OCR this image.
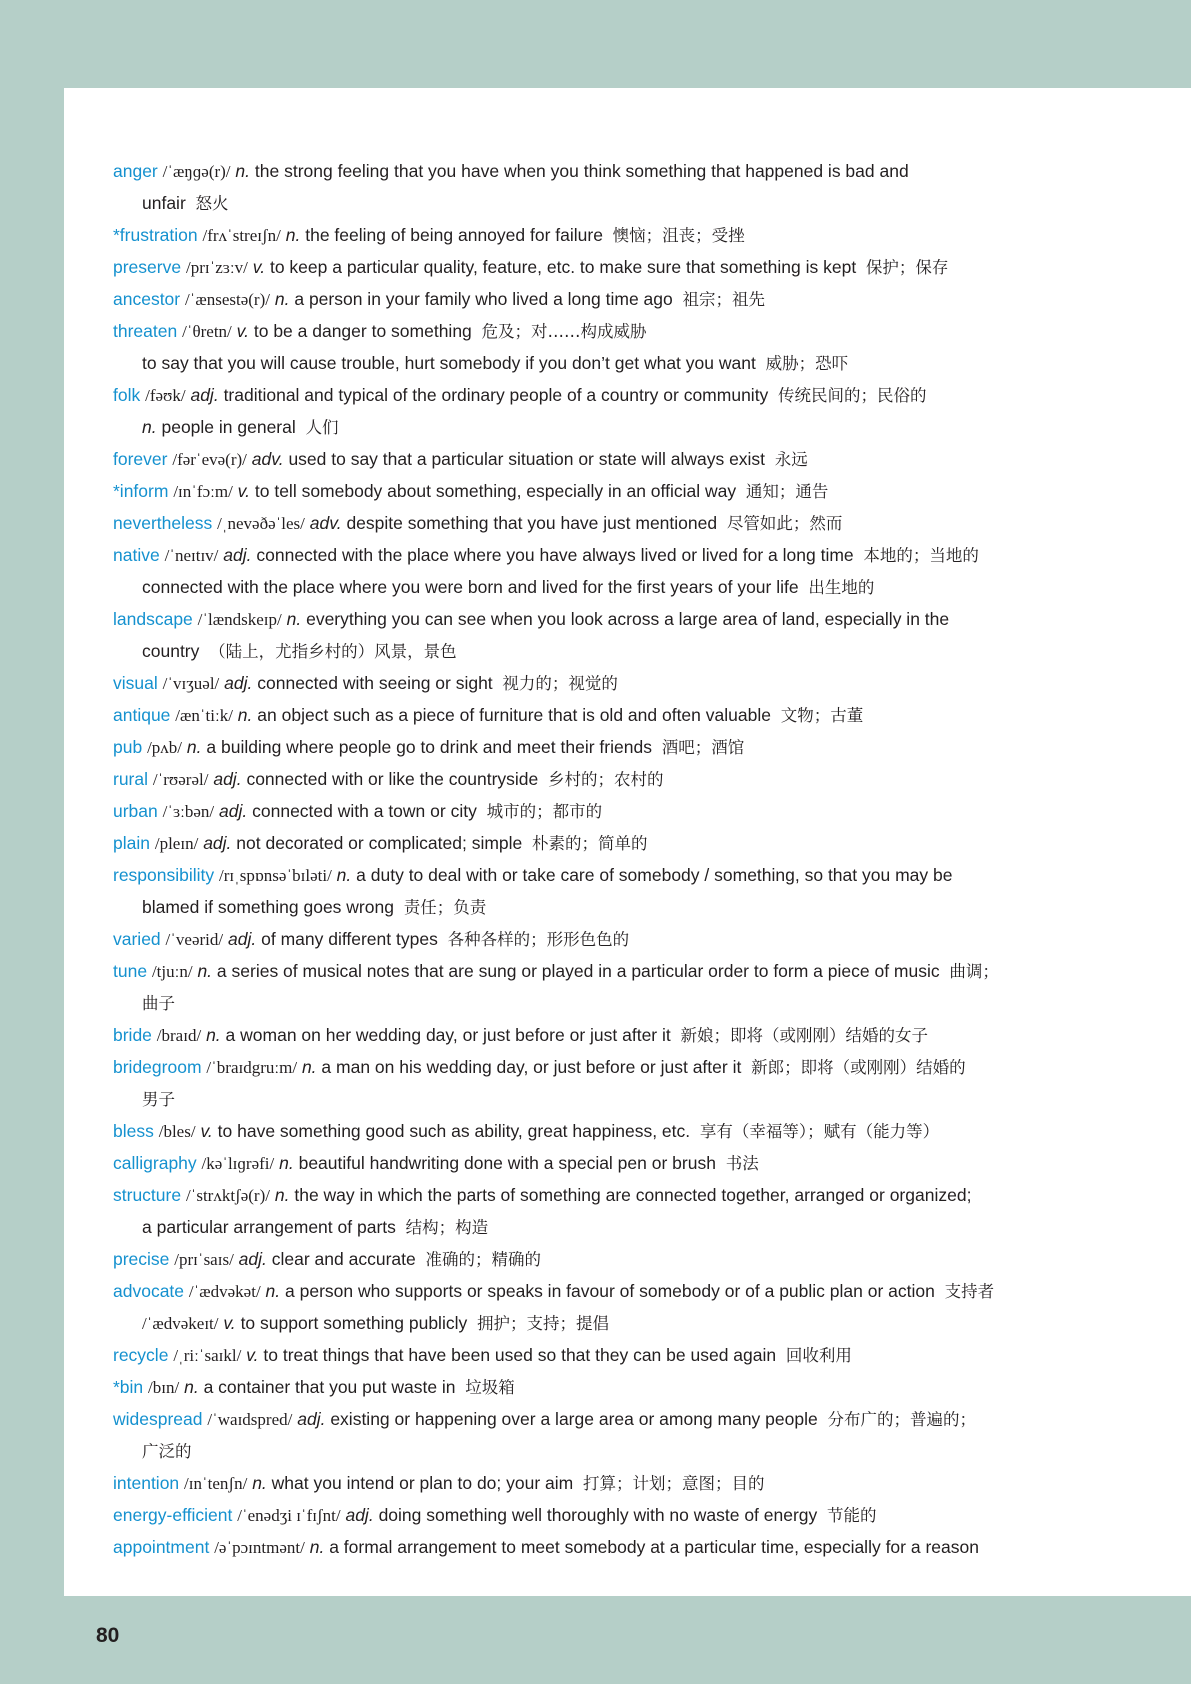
anger /ˈæŋɡə(r)/ n. the strong feeling that you have when you think something that happened is bad and
unfair 怒火
*frustration /frʌˈstreɪʃn/ n. the feeling of being annoyed for failure 懊恼；沮丧；受挫
preserve /prɪˈzɜːv/ v. to keep a particular quality, feature, etc. to make sure that something is kept 保护；保存
ancestor /ˈænsestə(r)/ n. a person in your family who lived a long time ago 祖宗；祖先
threaten /ˈθretn/ v. to be a danger to something 危及；对……构成威胁
to say that you will cause trouble, hurt somebody if you don’t get what you want 威胁；恐吓
folk /fəʊk/ adj. traditional and typical of the ordinary people of a country or community 传统民间的；民俗的
n. people in general 人们
forever /fərˈevə(r)/ adv. used to say that a particular situation or state will always exist 永远
*inform /ɪnˈfɔːm/ v. to tell somebody about something, especially in an official way 通知；通告
nevertheless /ˌnevəðəˈles/ adv. despite something that you have just mentioned 尽管如此；然而
native /ˈneɪtɪv/ adj. connected with the place where you have always lived or lived for a long time 本地的；当地的
connected with the place where you were born and lived for the first years of your life 出生地的
landscape /ˈlændskeɪp/ n. everything you can see when you look across a large area of land, especially in the
country （陆上，尤指乡村的）风景，景色
visual /ˈvɪʒuəl/ adj. connected with seeing or sight 视力的；视觉的
antique /ænˈtiːk/ n. an object such as a piece of furniture that is old and often valuable 文物；古董
pub /pʌb/ n. a building where people go to drink and meet their friends 酒吧；酒馆
rural /ˈrʊərəl/ adj. connected with or like the countryside 乡村的；农村的
urban /ˈɜːbən/ adj. connected with a town or city 城市的；都市的
plain /pleɪn/ adj. not decorated or complicated; simple 朴素的；简单的
responsibility /rɪˌspɒnsəˈbɪləti/ n. a duty to deal with or take care of somebody / something, so that you may be
blamed if something goes wrong 责任；负责
varied /ˈveərid/ adj. of many different types 各种各样的；形形色色的
tune /tjuːn/ n. a series of musical notes that are sung or played in a particular order to form a piece of music 曲调；
曲子
bride /braɪd/ n. a woman on her wedding day, or just before or just after it 新娘；即将（或刚刚）结婚的女子
bridegroom /ˈbraɪdgruːm/ n. a man on his wedding day, or just before or just after it 新郎；即将（或刚刚）结婚的
男子
bless /bles/ v. to have something good such as ability, great happiness, etc. 享有（幸福等）；赋有（能力等）
calligraphy /kəˈlɪɡrəfi/ n. beautiful handwriting done with a special pen or brush 书法
structure /ˈstrʌktʃə(r)/ n. the way in which the parts of something are connected together, arranged or organized;
a particular arrangement of parts 结构；构造
precise /prɪˈsaɪs/ adj. clear and accurate 准确的；精确的
advocate /ˈædvəkət/ n. a person who supports or speaks in favour of somebody or of a public plan or action 支持者
/ˈædvəkeɪt/ v. to support something publicly 拥护；支持；提倡
recycle /ˌriːˈsaɪkl/ v. to treat things that have been used so that they can be used again 回收利用
*bin /bɪn/ n. a container that you put waste in 垃圾箱
widespread /ˈwaɪdspred/ adj. existing or happening over a large area or among many people 分布广的；普遍的；
广泛的
intention /ɪnˈtenʃn/ n. what you intend or plan to do; your aim 打算；计划；意图；目的
energy-efficient /ˈenədʒi ɪˈfɪʃnt/ adj. doing something well thoroughly with no waste of energy 节能的
appointment /əˈpɔɪntmənt/ n. a formal arrangement to meet somebody at a particular time, especially for a reason
80
